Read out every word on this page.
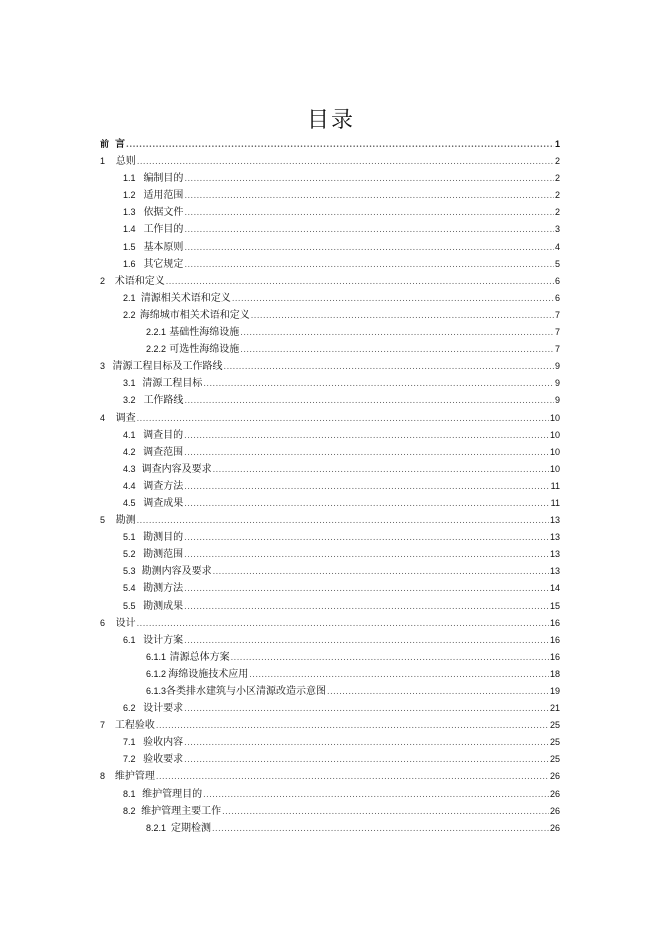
目录
前 言 .....	1
1	总则 .....	2
1.1 编制目的 .....	2
1.2 适用范围 .....	2
1.3 依据文件 .....	2
1.4 工作目的 .....	3
1.5 基本原则 .....	4
1.6 其它规定 .....	5
2 术语和定义 .....	6
2.1 清源相关术语和定义 .....	6
2.2 海绵城市相关术语和定义 .....	7
2.2.1 基础性海绵设施 .....	7
2.2.2 可选性海绵设施 .....	7
3 清源工程目标及工作路线 .....	9
3.1 清源工程目标 .....	9
3.2 工作路线 .....	9
4	调查 .....	10
4.1 调查目的 .....	10
4.2 调查范围 .....	10
4.3 调查内容及要求 .....	10
4.4 调查方法 .....	11
4.5 调查成果 .....	11
5	勘测 .....	13
5.1 勘测目的 .....	13
5.2 勘测范围 .....	13
5.3 勘测内容及要求 .....	13
5.4 勘测方法 .....	14
5.5 勘测成果 .....	15
6	设计 .....	16
6.1 设计方案 .....	16
6.1.1 清源总体方案 .....	16
6.1.2 海绵设施技术应用 .....	18
6.1.3 各类排水建筑与小区清源改造示意图 .....	19
6.2 设计要求 .....	21
7 工程验收 .....	25
7.1 验收内容 .....	25
7.2 验收要求 .....	25
8 维护管理 .....	26
8.1 维护管理目的 .....	26
8.2 维护管理主要工作 .....	26
8.2.1 定期检测 .....	26
